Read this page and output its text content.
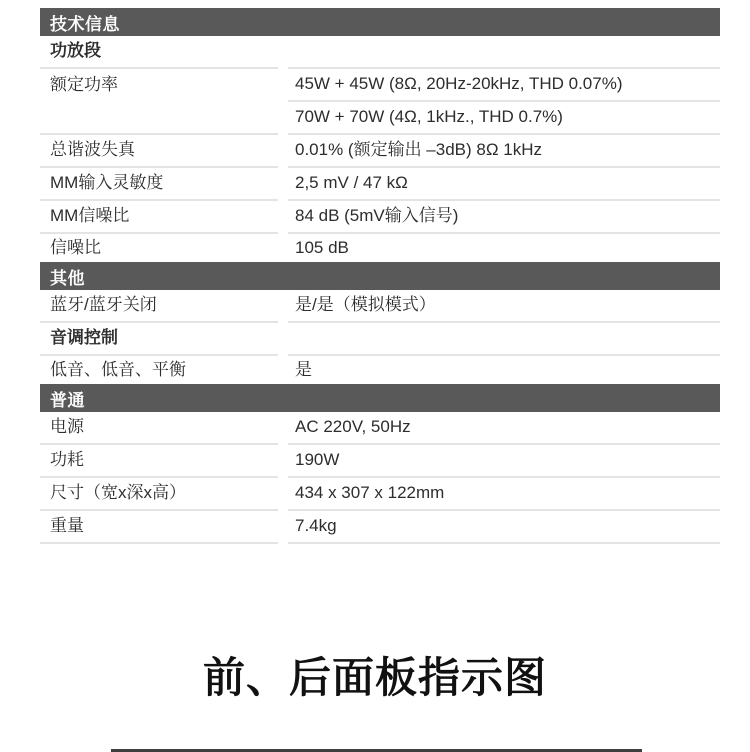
技术信息
功放段
额定功率	45W + 45W (8Ω, 20Hz-20kHz, THD 0.07%)
70W + 70W (4Ω, 1kHz., THD 0.7%)
总谐波失真	0.01% (额定输出 –3dB) 8Ω 1kHz
MM输入灵敏度	2,5 mV / 47 kΩ
MM信噪比	84 dB (5mV输入信号)
信噪比	105 dB
其他
蓝牙/蓝牙关闭	是/是（模拟模式）
音调控制
低音、低音、平衡	是
普通
电源	AC 220V, 50Hz
功耗	190W
尺寸（宽x深x高）	434 x 307 x 122mm
重量	7.4kg
前、后面板指示图
